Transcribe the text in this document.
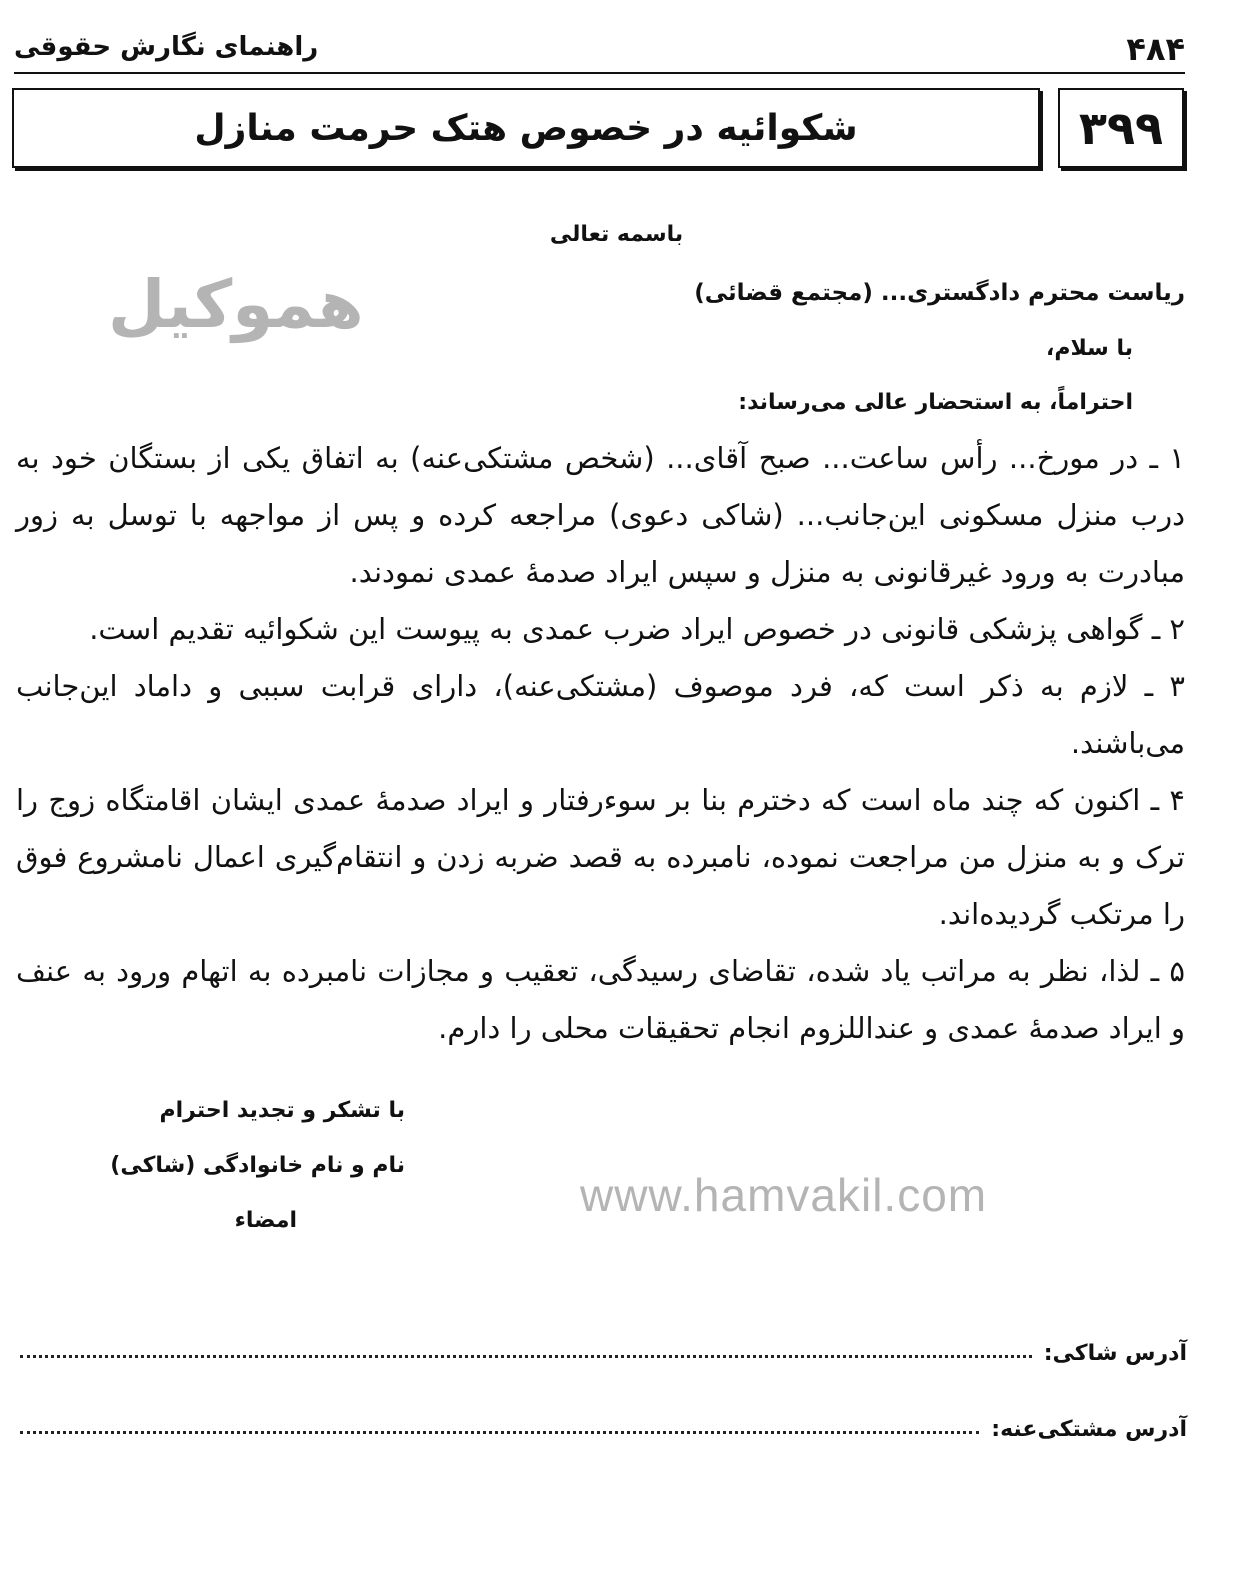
۴۸۴
راهنمای نگارش حقوقی
۳۹۹
شکوائیه در خصوص هتک حرمت منازل
هموکیل
باسمه تعالی
ریاست محترم دادگستری... (مجتمع قضائی)
با سلام،
احتراماً، به استحضار عالی می‌رساند:

۱ ـ در مورخ... رأس ساعت... صبح آقای... (شخص مشتکی‌عنه) به اتفاق یکی از بستگان خود به درب منزل مسکونی این‌جانب... (شاکی دعوی) مراجعه کرده و پس از مواجهه با توسل به زور مبادرت به ورود غیرقانونی به منزل و سپس ایراد صدمهٔ عمدی نمودند.

۲ ـ گواهی پزشکی قانونی در خصوص ایراد ضرب عمدی به پیوست این شکوائیه تقدیم است.

۳ ـ لازم به ذکر است که، فرد موصوف (مشتکی‌عنه)، دارای قرابت سببی و داماد این‌جانب می‌باشند.

۴ ـ اکنون که چند ماه است که دخترم بنا بر سوءرفتار و ایراد صدمهٔ عمدی ایشان اقامتگاه زوج را ترک و به منزل من مراجعت نموده، نامبرده به قصد ضربه زدن و انتقام‌گیری اعمال نامشروع فوق را مرتکب گردیده‌اند.

۵ ـ لذا، نظر به مراتب یاد شده، تقاضای رسیدگی، تعقیب و مجازات نامبرده به اتهام ورود به عنف و ایراد صدمهٔ عمدی و عنداللزوم انجام تحقیقات محلی را دارم.

با تشکر و تجدید احترام
نام و نام خانوادگی (شاکی)
امضاء	www.hamvakil.com
آدرس شاکی:
آدرس مشتکی‌عنه:
